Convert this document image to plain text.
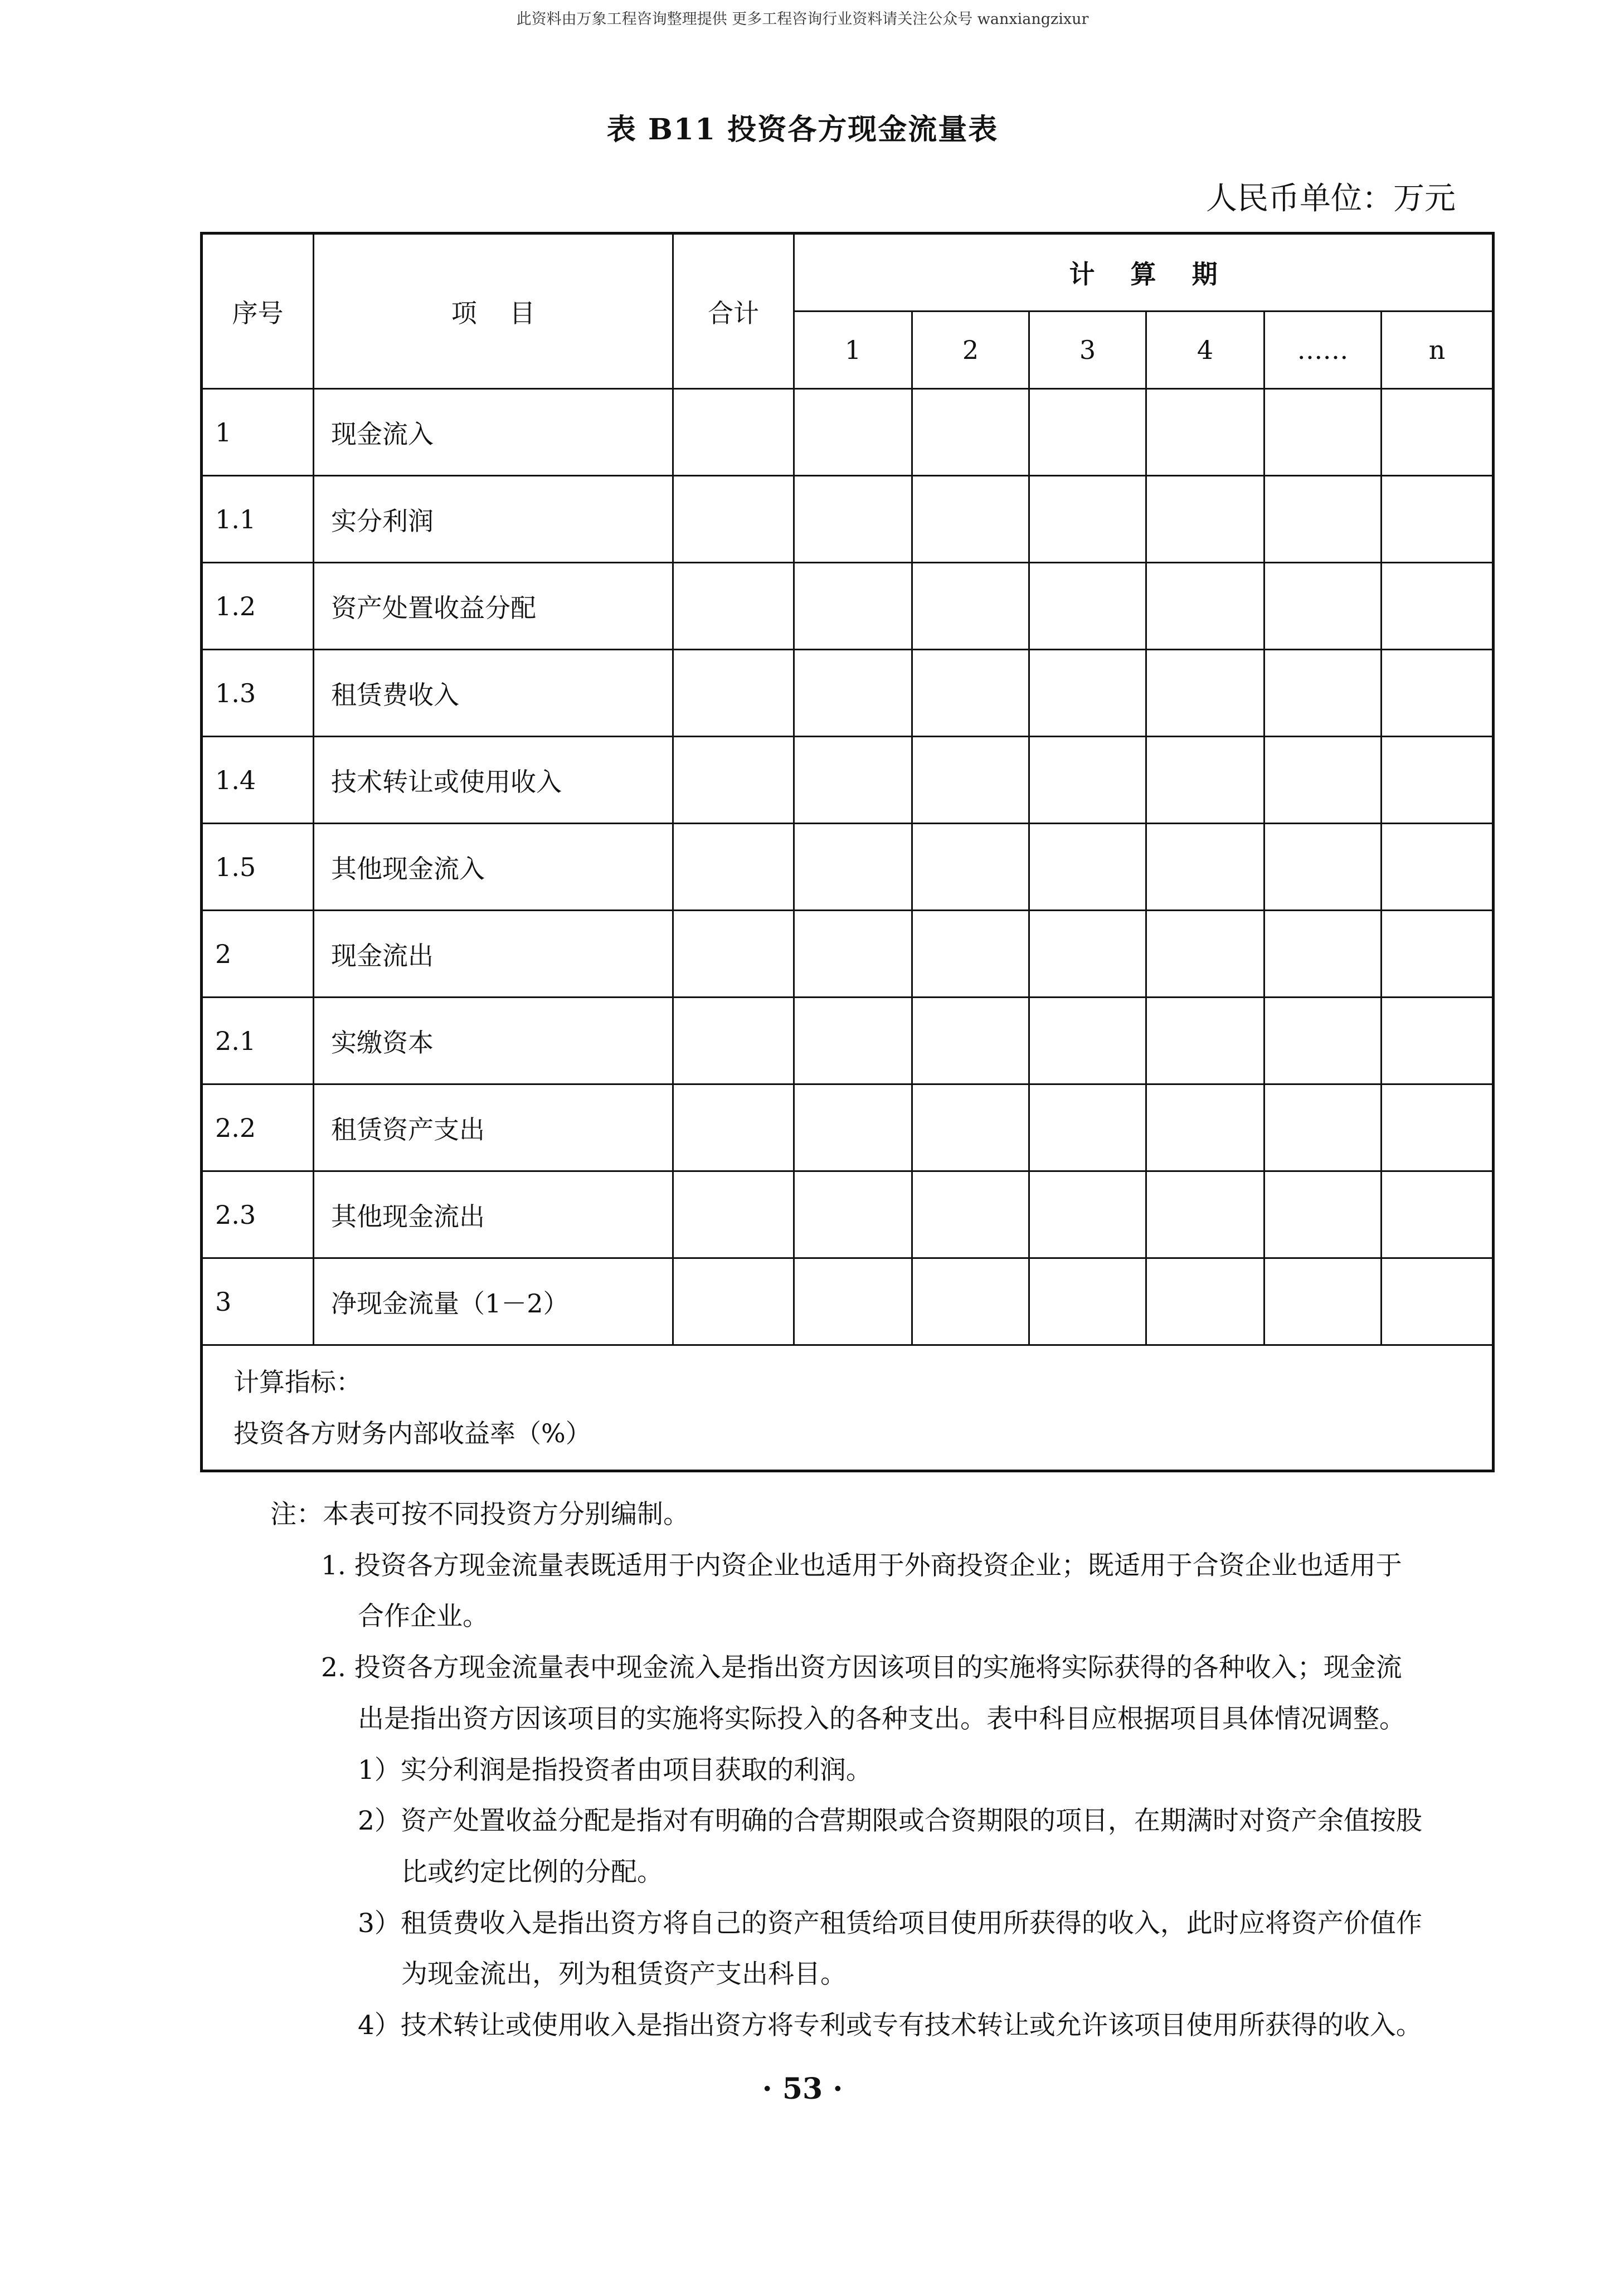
此资料由万象工程咨询整理提供 更多工程咨询行业资料请关注公众号 wanxiangzixur
表 B11 投资各方现金流量表
人民币单位：万元
序号	项    目	合计	计    算    期					
			1	2	3	4	……	n
1	现金流入							
1.1	实分利润							
1.2	资产处置收益分配							
1.3	租赁费收入							
1.4	技术转让或使用收入							
1.5	其他现金流入							
2	现金流出							
2.1	实缴资本							
2.2	租赁资产支出							
2.3	其他现金流出							
3	净现金流量（1－2）							

计算指标：
投资各方财务内部收益率（%）								
注：本表可按不同投资方分别编制。
1. 投资各方现金流量表既适用于内资企业也适用于外商投资企业；既适用于合资企业也适用于
合作企业。
2. 投资各方现金流量表中现金流入是指出资方因该项目的实施将实际获得的各种收入；现金流
出是指出资方因该项目的实施将实际投入的各种支出。表中科目应根据项目具体情况调整。
1）实分利润是指投资者由项目获取的利润。
2）资产处置收益分配是指对有明确的合营期限或合资期限的项目，在期满时对资产余值按股
比或约定比例的分配。
3）租赁费收入是指出资方将自己的资产租赁给项目使用所获得的收入，此时应将资产价值作
为现金流出，列为租赁资产支出科目。
4）技术转让或使用收入是指出资方将专利或专有技术转让或允许该项目使用所获得的收入。
· 53 ·
